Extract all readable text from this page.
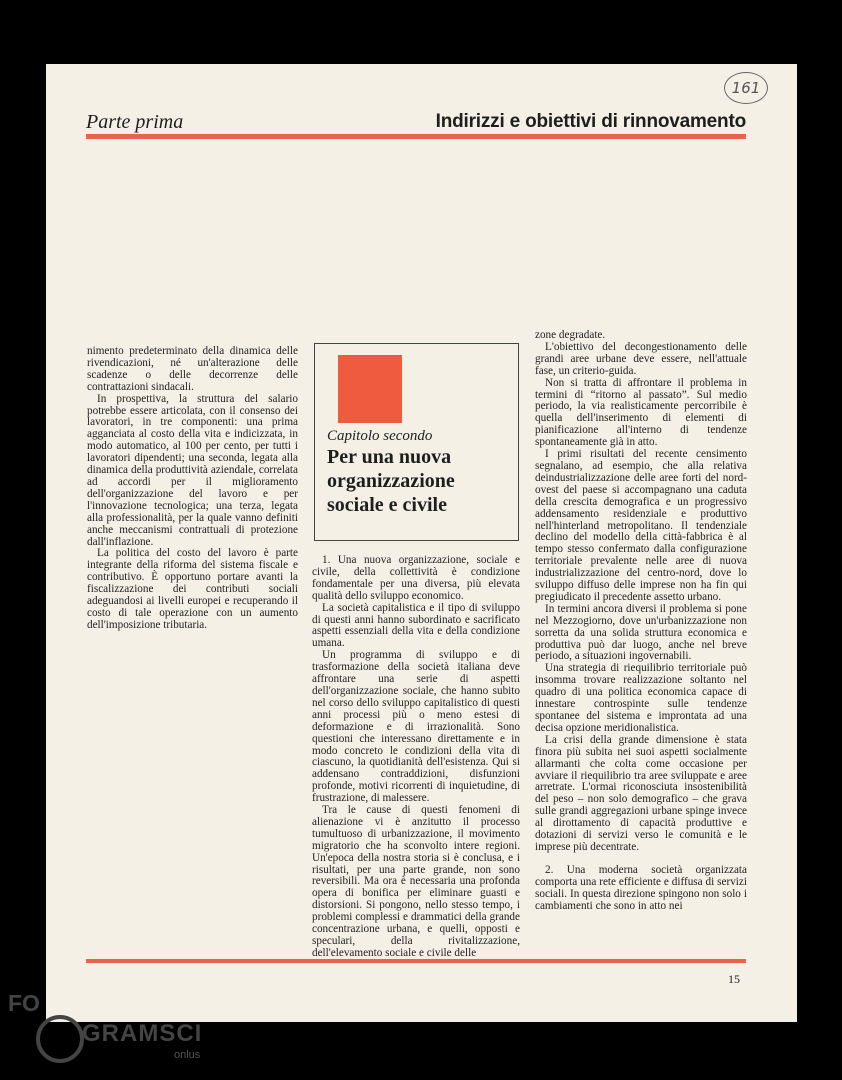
161
Parte prima	Indirizzi e obiettivi di rinnovamento

nimento predeterminato della dinamica delle rivendicazioni, né un'alterazione delle scadenze o delle decorrenze delle contrattazioni sindacali.

In prospettiva, la struttura del salario potrebbe essere articolata, con il consenso dei lavoratori, in tre componenti: una prima agganciata al costo della vita e indicizzata, in modo automatico, al 100 per cento, per tutti i lavoratori dipendenti; una seconda, legata alla dinamica della produttività aziendale, correlata ad accordi per il miglioramento dell'organizzazione del lavoro e per l'innovazione tecnologica; una terza, legata alla professionalità, per la quale vanno definiti anche meccanismi contrattuali di protezione dall'inflazione.

La politica del costo del lavoro è parte integrante della riforma del sistema fiscale e contributivo. È opportuno portare avanti la fiscalizzazione dei contributi sociali adeguandosi ai livelli europei e recuperando il costo di tale operazione con un aumento dell'imposizione tributaria.

Capitolo secondo
Per una nuova organizzazione sociale e civile

1. Una nuova organizzazione, sociale e civile, della collettività è condizione fondamentale per una diversa, più elevata qualità dello sviluppo economico.

La società capitalistica e il tipo di sviluppo di questi anni hanno subordinato e sacrificato aspetti essenziali della vita e della condizione umana.

Un programma di sviluppo e di trasformazione della società italiana deve affrontare una serie di aspetti dell'organizzazione sociale, che hanno subito nel corso dello sviluppo capitalistico di questi anni processi più o meno estesi di deformazione e di irrazionalità. Sono questioni che interessano direttamente e in modo concreto le condizioni della vita di ciascuno, la quotidianità dell'esistenza. Qui si addensano contraddizioni, disfunzioni profonde, motivi ricorrenti di inquietudine, di frustrazione, di malessere.

Tra le cause di questi fenomeni di alienazione vi è anzitutto il processo tumultuoso di urbanizzazione, il movimento migratorio che ha sconvolto intere regioni. Un'epoca della nostra storia si è conclusa, e i risultati, per una parte grande, non sono reversibili. Ma ora è necessaria una profonda opera di bonifica per eliminare guasti e distorsioni. Si pongono, nello stesso tempo, i problemi complessi e drammatici della grande concentrazione urbana, e quelli, opposti e speculari, della rivitalizzazione, dell'elevamento sociale e civile delle

zone degradate.

L'obiettivo del decongestionamento delle grandi aree urbane deve essere, nell'attuale fase, un criterio-guida.

Non si tratta di affrontare il problema in termini di “ritorno al passato”. Sul medio periodo, la via realisticamente percorribile è quella dell'inserimento di elementi di pianificazione all'interno di tendenze spontaneamente già in atto.

I primi risultati del recente censimento segnalano, ad esempio, che alla relativa deindustrializzazione delle aree forti del nord-ovest del paese si accompagnano una caduta della crescita demografica e un progressivo addensamento residenziale e produttivo nell'hinterland metropolitano. Il tendenziale declino del modello della città-fabbrica è al tempo stesso confermato dalla configurazione territoriale prevalente nelle aree di nuova industrializzazione del centro-nord, dove lo sviluppo diffuso delle imprese non ha fin qui pregiudicato il precedente assetto urbano.

In termini ancora diversi il problema si pone nel Mezzogiorno, dove un'urbanizzazione non sorretta da una solida struttura economica e produttiva può dar luogo, anche nel breve periodo, a situazioni ingovernabili.

Una strategia di riequilibrio territoriale può insomma trovare realizzazione soltanto nel quadro di una politica economica capace di innestare controspinte sulle tendenze spontanee del sistema e improntata ad una decisa opzione meridionalistica.

La crisi della grande dimensione è stata finora più subita nei suoi aspetti socialmente allarmanti che colta come occasione per avviare il riequilibrio tra aree sviluppate e aree arretrate. L'ormai riconosciuta insostenibilità del peso – non solo demografico – che grava sulle grandi aggregazioni urbane spinge invece al dirottamento di capacità produttive e dotazioni di servizi verso le comunità e le imprese più decentrate.

2. Una moderna società organizzata comporta una rete efficiente e diffusa di servizi sociali. In questa direzione spingono non solo i cambiamenti che sono in atto nei

15
FO
GRAMSCI
onlus
